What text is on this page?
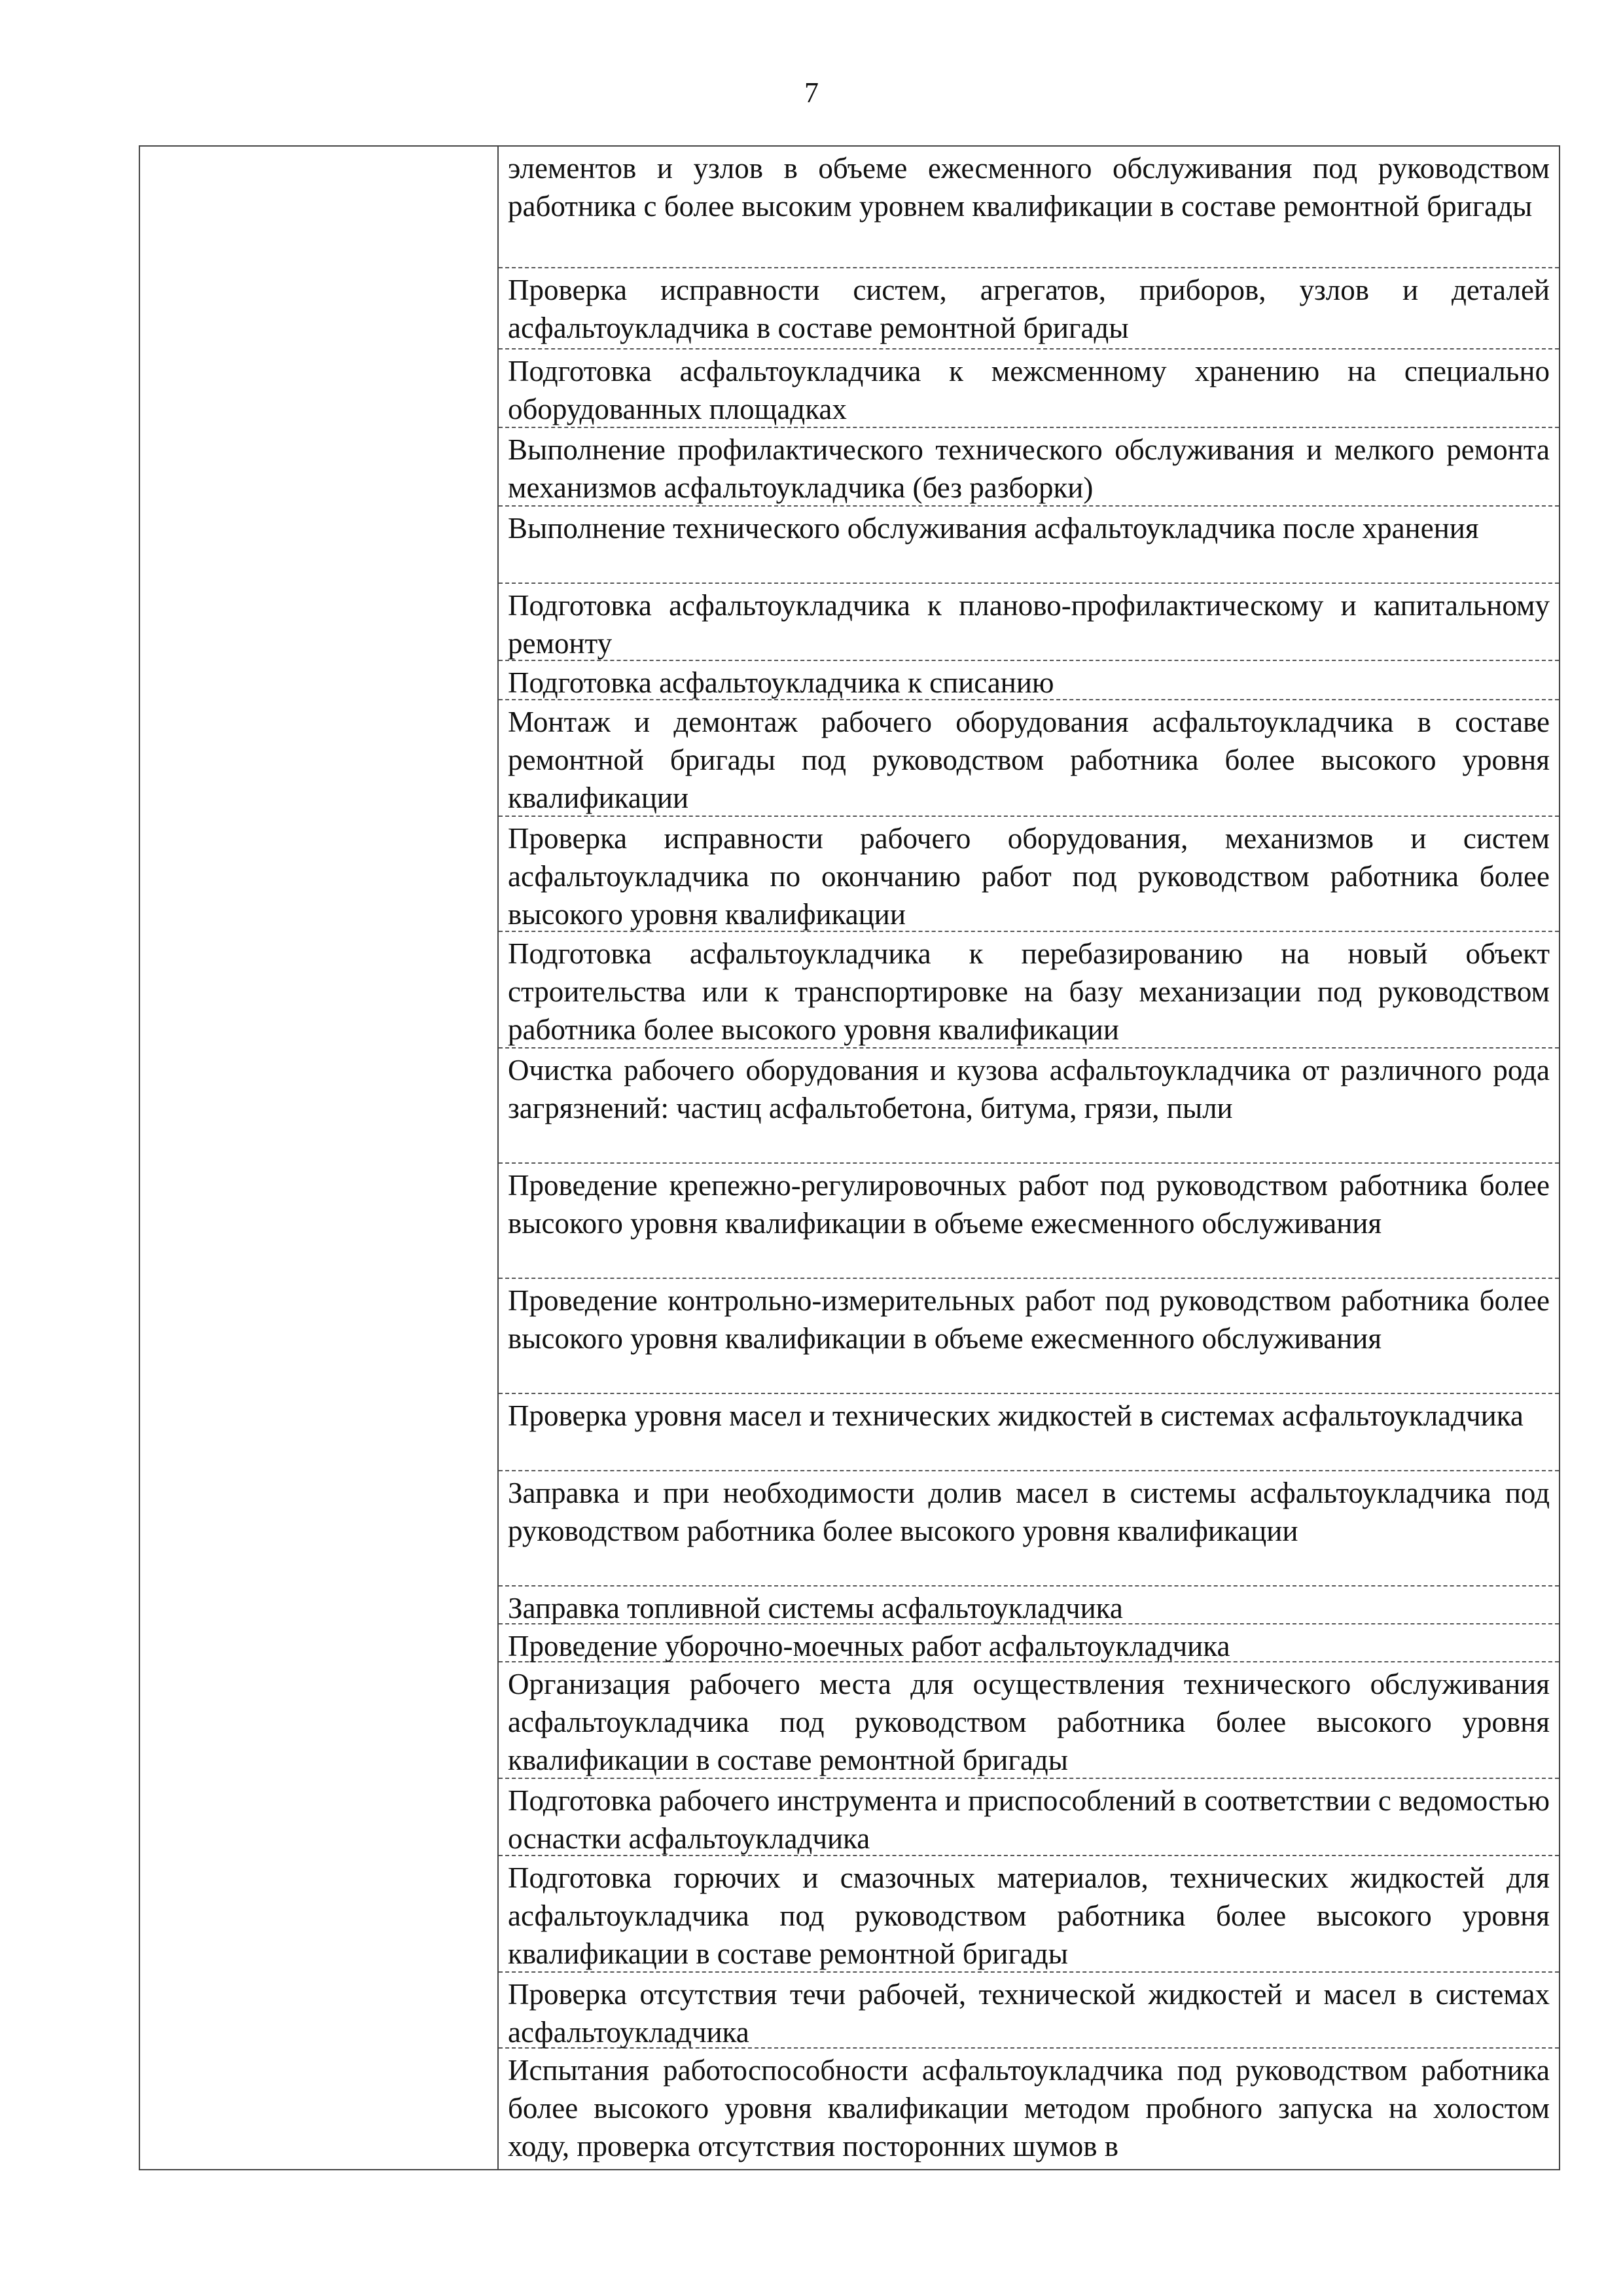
7

элементов и узлов в объеме ежесменного обслуживания под руководством работника с более высоким уровнем квалификации в составе ремонтной бригады
Проверка исправности систем, агрегатов, приборов, узлов и деталей асфальтоукладчика в составе ремонтной бригады
Подготовка асфальтоукладчика к межсменному хранению на специально оборудованных площадках
Выполнение профилактического технического обслуживания и мелкого ремонта механизмов асфальтоукладчика (без разборки)
Выполнение технического обслуживания асфальтоукладчика после хранения
Подготовка асфальтоукладчика к планово-профилактическому и капитальному ремонту
Подготовка асфальтоукладчика к списанию
Монтаж и демонтаж рабочего оборудования асфальтоукладчика в составе ремонтной бригады под руководством работника более высокого уровня квалификации
Проверка исправности рабочего оборудования, механизмов и систем асфальтоукладчика по окончанию работ под руководством работника более высокого уровня квалификации
Подготовка асфальтоукладчика к перебазированию на новый объект строительства или к транспортировке на базу механизации под руководством работника более высокого уровня квалификации
Очистка рабочего оборудования и кузова асфальтоукладчика от различного рода загрязнений: частиц асфальтобетона, битума, грязи, пыли
Проведение крепежно-регулировочных работ под руководством работника более высокого уровня квалификации в объеме ежесменного обслуживания
Проведение контрольно-измерительных работ под руководством работника более высокого уровня квалификации в объеме ежесменного обслуживания
Проверка уровня масел и технических жидкостей в системах асфальтоукладчика
Заправка и при необходимости долив масел в системы асфальтоукладчика под руководством работника более высокого уровня квалификации
Заправка топливной системы асфальтоукладчика
Проведение уборочно-моечных работ асфальтоукладчика
Организация рабочего места для осуществления технического обслуживания асфальтоукладчика под руководством работника более высокого уровня квалификации в составе ремонтной бригады
Подготовка рабочего инструмента и приспособлений в соответствии с ведомостью оснастки асфальтоукладчика
Подготовка горючих и смазочных материалов, технических жидкостей для асфальтоукладчика под руководством работника более высокого уровня квалификации в составе ремонтной бригады
Проверка отсутствия течи рабочей, технической жидкостей и масел в системах асфальтоукладчика
Испытания работоспособности асфальтоукладчика под руководством работника более высокого уровня квалификации методом пробного запуска на холостом ходу, проверка отсутствия посторонних шумов в
